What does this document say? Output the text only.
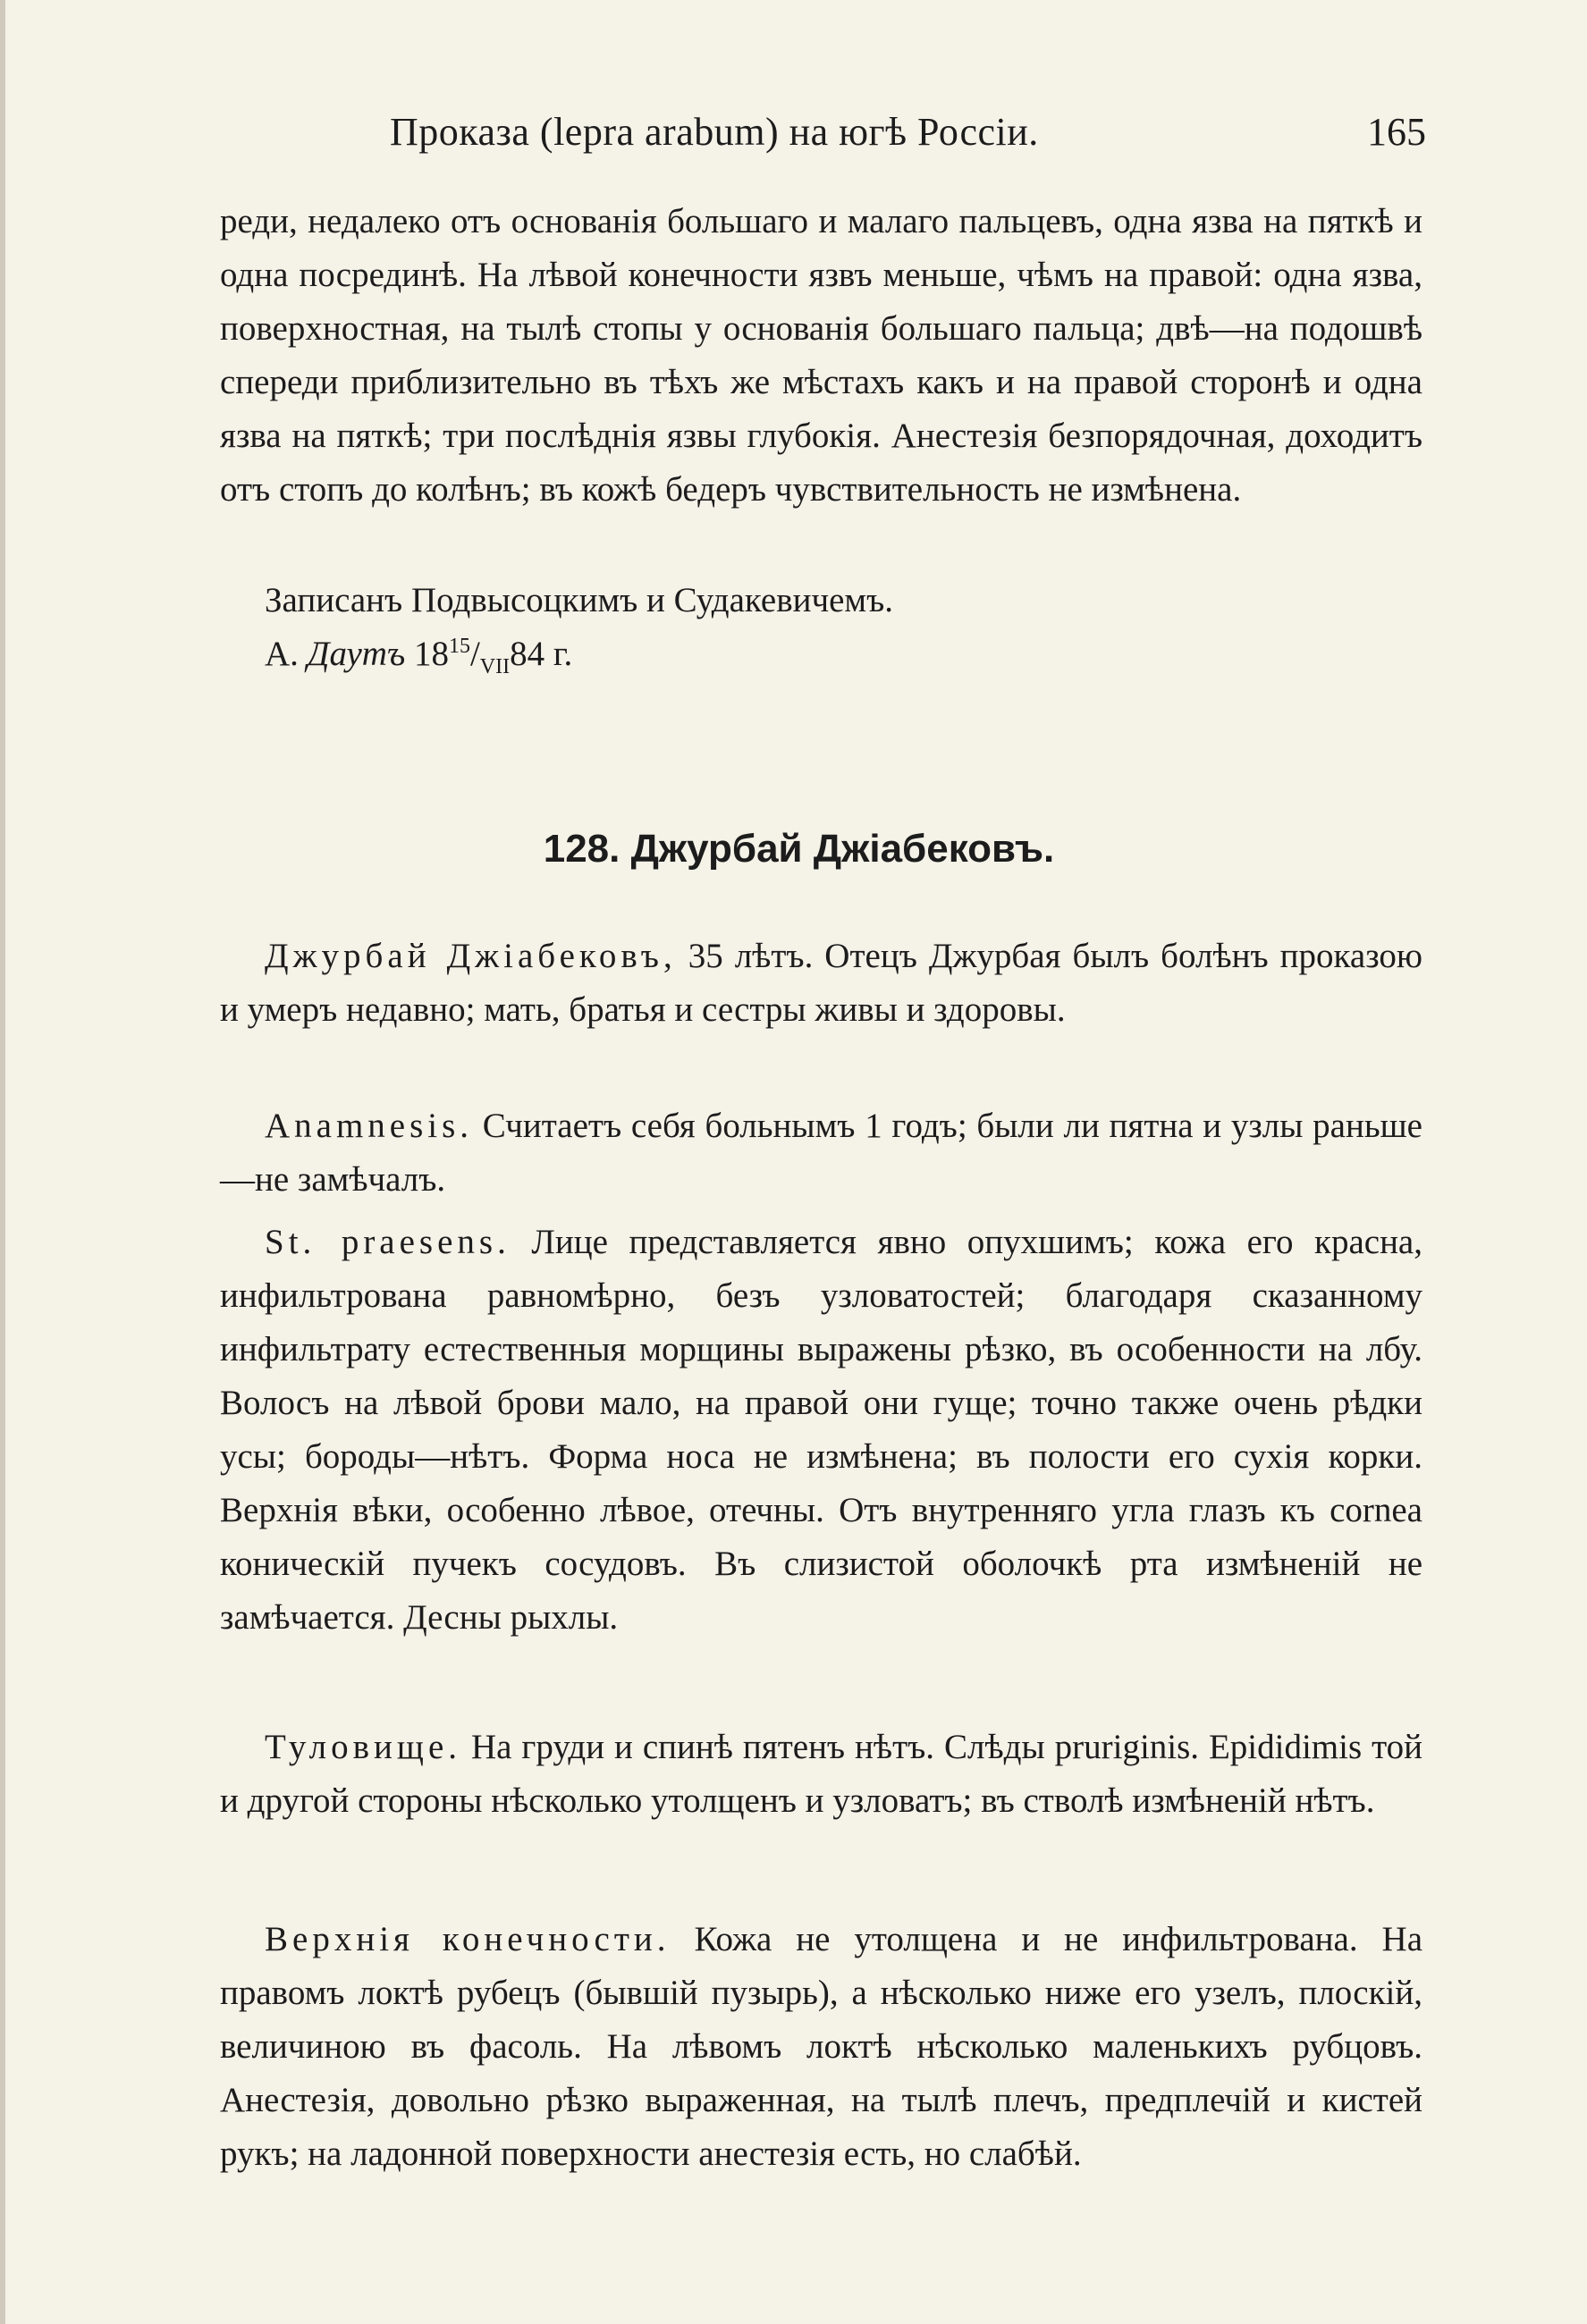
Проказа (lepra arabum) на югѣ Россіи.	165

реди, недалеко отъ основанія большаго и малаго пальцевъ, одна язва на пяткѣ и одна посрединѣ. На лѣвой конечности язвъ меньше, чѣмъ на правой: одна язва, поверхностная, на тылѣ стопы у основанія большаго пальца; двѣ—на подошвѣ спереди приблизительно въ тѣхъ же мѣстахъ какъ и на правой сторонѣ и одна язва на пяткѣ; три послѣднія язвы глубокія. Анестезія безпорядочная, доходитъ отъ стопъ до колѣнъ; въ кожѣ бедеръ чувствительность не измѣнена.

Записанъ Подвысоцкимъ и Судакевичемъ.

А. Даутъ $18^{15}/_{VII}84$ г.

128. Джурбай Джіабековъ.

Джурбай Джіабековъ, 35 лѣтъ. Отецъ Джурбая былъ болѣнъ проказою и умеръ недавно; мать, братья и сестры живы и здоровы.

Anamnesis. Считаетъ себя больнымъ 1 годъ; были ли пятна и узлы раньше—не замѣчалъ.

St. praesens. Лице представляется явно опухшимъ; кожа его красна, инфильтрована равномѣрно, безъ узловатостей; благодаря сказанному инфильтрату естественныя морщины выражены рѣзко, въ особенности на лбу. Волосъ на лѣвой брови мало, на правой они гуще; точно также очень рѣдки усы; бороды—нѣтъ. Форма носа не измѣнена; въ полости его сухія корки. Верхнія вѣки, особенно лѣвое, отечны. Отъ внутренняго угла глазъ къ cornea коническій пучекъ сосудовъ. Въ слизистой оболочкѣ рта измѣненій не замѣчается. Десны рыхлы.

Туловище. На груди и спинѣ пятенъ нѣтъ. Слѣды pruriginis. Epididimis той и другой стороны нѣсколько утолщенъ и узловатъ; въ стволѣ измѣненій нѣтъ.

Верхнія конечности. Кожа не утолщена и не инфильтрована. На правомъ локтѣ рубецъ (бывшій пузырь), а нѣсколько ниже его узелъ, плоскій, величиною въ фасоль. На лѣвомъ локтѣ нѣсколько маленькихъ рубцовъ. Анестезія, довольно рѣзко выраженная, на тылѣ плечъ, предплечій и кистей рукъ; на ладонной поверхности анестезія есть, но слабѣй.
